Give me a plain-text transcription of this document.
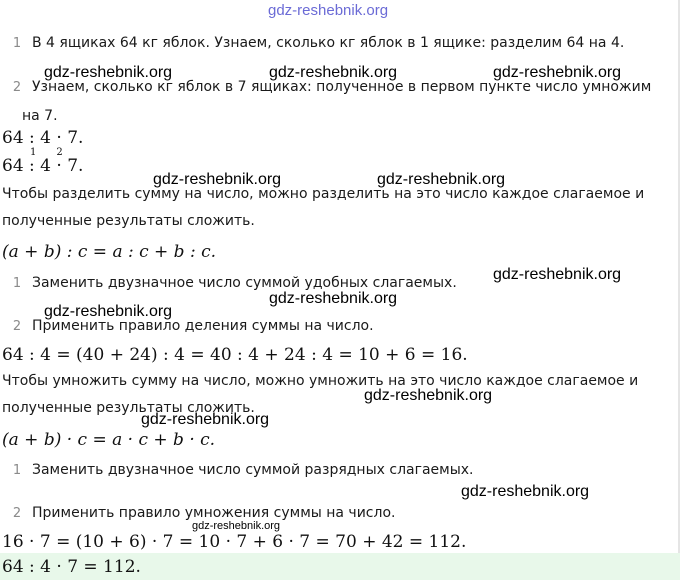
gdz-reshebnik.org
1 В 4 ящиках 64 кг яблок. Узнаем, сколько кг яблок в 1 ящике: разделим 64 на 4.
gdz-reshebnik.org	gdz-reshebnik.org	gdz-reshebnik.org
2 Узнаем, сколько кг яблок в 7 ящиках: полученное в первом пункте число умножим
на 7.
64 : 4 · 7.
64
1
: 4
2
· 7.
gdz-reshebnik.org	gdz-reshebnik.org
Чтобы разделить сумму на число, можно разделить на это число каждое слагаемое и
полученные результаты сложить.
(a + b) : c = a : c + b : c.
1 Заменить двузначное число суммой удобных слагаемых. gdz-reshebnik.org
gdz-reshebnik.org
gdz-reshebnik.org
2 Применить правило деления суммы на число.
64 : 4 = (40 + 24) : 4 = 40 : 4 + 24 : 4 = 10 + 6 = 16.
Чтобы умножить сумму на число, можно умножить на это число каждое слагаемое и
gdz-reshebnik.org
полученные результаты сложить.
gdz-reshebnik.org
(a + b) · c = a · c + b · c.
1 Заменить двузначное число суммой разрядных слагаемых.
gdz-reshebnik.org
2 Применить правило умножения суммы на число.
gdz-reshebnik.org
16 · 7 = (10 + 6) · 7 = 10 · 7 + 6 · 7 = 70 + 42 = 112.
64 : 4 · 7 = 112.
